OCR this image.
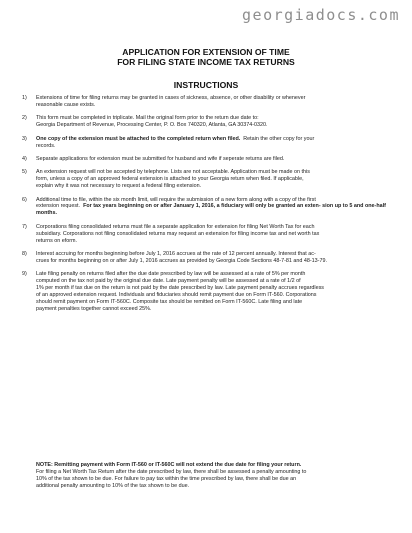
georgiadocs.com
APPLICATION FOR EXTENSION OF TIME
FOR FILING STATE INCOME TAX RETURNS
INSTRUCTIONS
1) Extensions of time for filing returns may be granted in cases of sickness, absence, or other disability or whenever

reasonable cause exists.

2) This form must be completed in triplicate. Mail the original form prior to the return due date to:

Georgia Department of Revenue, Processing Center, P. O. Box 740320, Atlanta, GA 30374-0320.

3) One copy of the extension must be attached to the completed return when filed. Retain the other copy for your

records.

4) Separate applications for extension must be submitted for husband and wife if seperate returns are filed.

5) An extension request will not be accepted by telephone. Lists are not acceptable. Application must be made on this

form, unless a copy of an approved federal extension is attached to your Georgia return when filed. If applicable,

explain why it was not necessary to request a federal filing extension.

6) Additional time to file, within the six month limit, will require the submission of a new form along with a copy of the first

extension request. For tax years beginning on or after January 1, 2016, a fiduciary will only be granted an exten- sion up to 5 and one-half months.

7) Corporations filing consolidated returns must file a separate application for extension for filing Net Worth Tax for each

subsidiary. Corporations not filing consolidated returns may request an extension for filing income tax and net worth tax

returns on eform.

8) Interest accruing for months beginning before July 1, 2016 accrues at the rate of 12 percent annually. Interest that ac-

crues for months beginning on or after July 1, 2016 accrues as provided by Georgia Code Sections 48-7-81 and 48-13-79.

9) Late filing penalty on returns filed after the due date prescribed by law will be assessed at a rate of 5% per month

computed on the tax not paid by the original due date. Late payment penalty will be assessed at a rate of 1/2 of

1% per month if tax due on the return is not paid by the date prescribed by law. Late payment penalty accrues regardless

of an approved extension request. Individuals and fiduciaries should remit payment due on Form IT-560. Corporations

should remit payment on Form IT-560C. Composite tax should be remitted on Form IT-560C. Late filing and late

payment penalties together cannot exceed 25%.

NOTE: Remitting payment with Form IT-560 or IT-560C will not extend the due date for filing your return.

For filing a Net Worth Tax Return after the date prescribed by law, there shall be assessed a penalty amounting to

10% of the tax shown to be due. For failure to pay tax within the time prescribed by law, there shall be due an

additional penalty amounting to 10% of the tax shown to be due.
